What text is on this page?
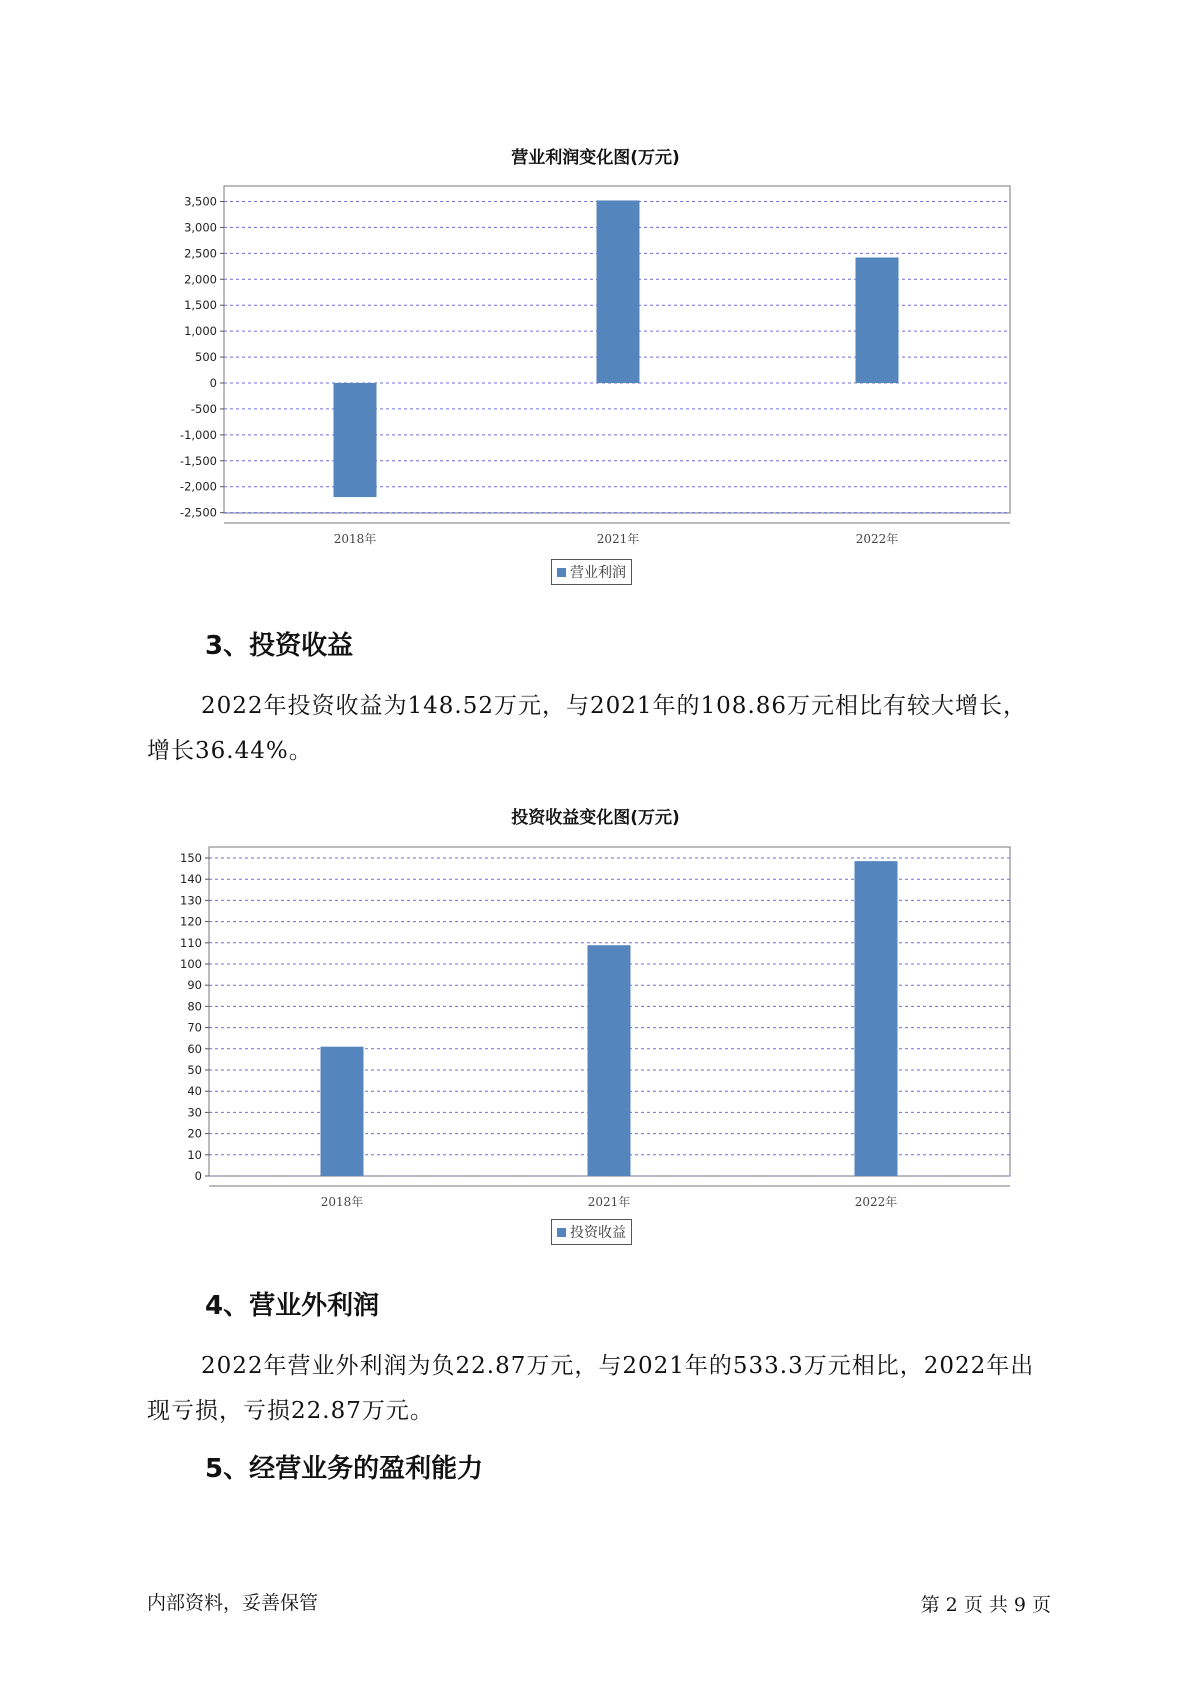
营业利润变化图(万元)
3,500
3,000
2,500
2,000
1,500
1,000
500
0
-500
-1,000
-1,500
-2,000
-2,500
2018年	2021年	2022年
营业利润
3、投资收益

2022年投资收益为148.52万元，与2021年的108.86万元相比有较大增长，增长36.44%。

投资收益变化图(万元)
150
140
130
120
110
100
90
80
70
60
50
40
30
20
10
0
2018年	2021年	2022年
投资收益
4、营业外利润

2022年营业外利润为负22.87万元，与2021年的533.3万元相比，2022年出现亏损，亏损22.87万元。

5、经营业务的盈利能力
内部资料，妥善保管	第 2 页 共 9 页
